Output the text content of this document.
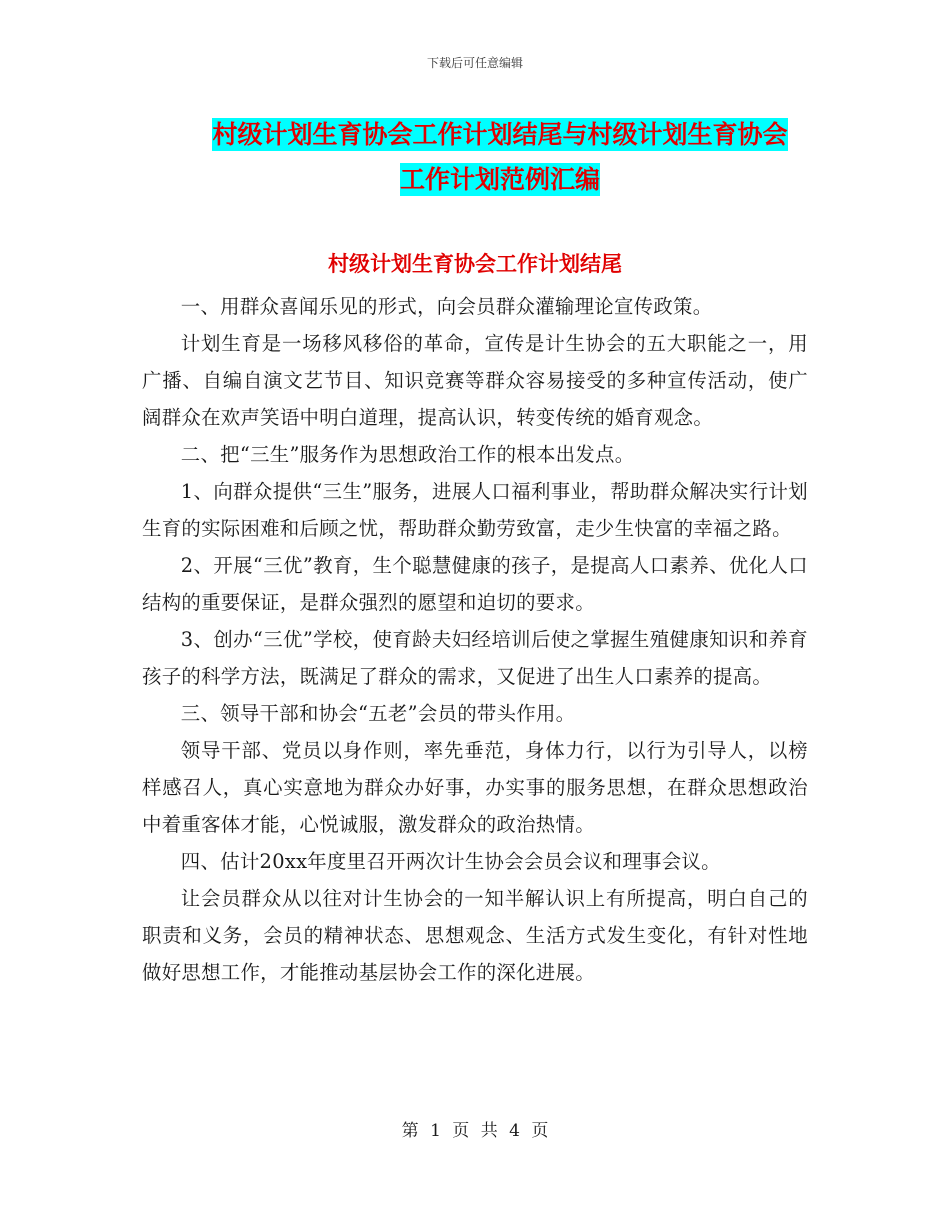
下载后可任意编辑
村级计划生育协会工作计划结尾与村级计划生育协会
工作计划范例汇编
村级计划生育协会工作计划结尾

一、用群众喜闻乐见的形式，向会员群众灌输理论宣传政策。

计划生育是一场移风移俗的革命，宣传是计生协会的五大职能之一，用广播、自编自演文艺节目、知识竞赛等群众容易接受的多种宣传活动，使广阔群众在欢声笑语中明白道理，提高认识，转变传统的婚育观念。

二、把“三生”服务作为思想政治工作的根本出发点。

1、向群众提供“三生”服务，进展人口福利事业，帮助群众解决实行计划生育的实际困难和后顾之忧，帮助群众勤劳致富，走少生快富的幸福之路。

2、开展“三优”教育，生个聪慧健康的孩子，是提高人口素养、优化人口结构的重要保证，是群众强烈的愿望和迫切的要求。

3、创办“三优”学校，使育龄夫妇经培训后使之掌握生殖健康知识和养育孩子的科学方法，既满足了群众的需求，又促进了出生人口素养的提高。

三、领导干部和协会“五老”会员的带头作用。

领导干部、党员以身作则，率先垂范，身体力行，以行为引导人，以榜样感召人，真心实意地为群众办好事，办实事的服务思想，在群众思想政治中着重客体才能，心悦诚服，激发群众的政治热情。

四、估计20xx年度里召开两次计生协会会员会议和理事会议。

让会员群众从以往对计生协会的一知半解认识上有所提高，明白自己的职责和义务，会员的精神状态、思想观念、生活方式发生变化，有针对性地做好思想工作，才能推动基层协会工作的深化进展。

第 1 页 共 4 页
